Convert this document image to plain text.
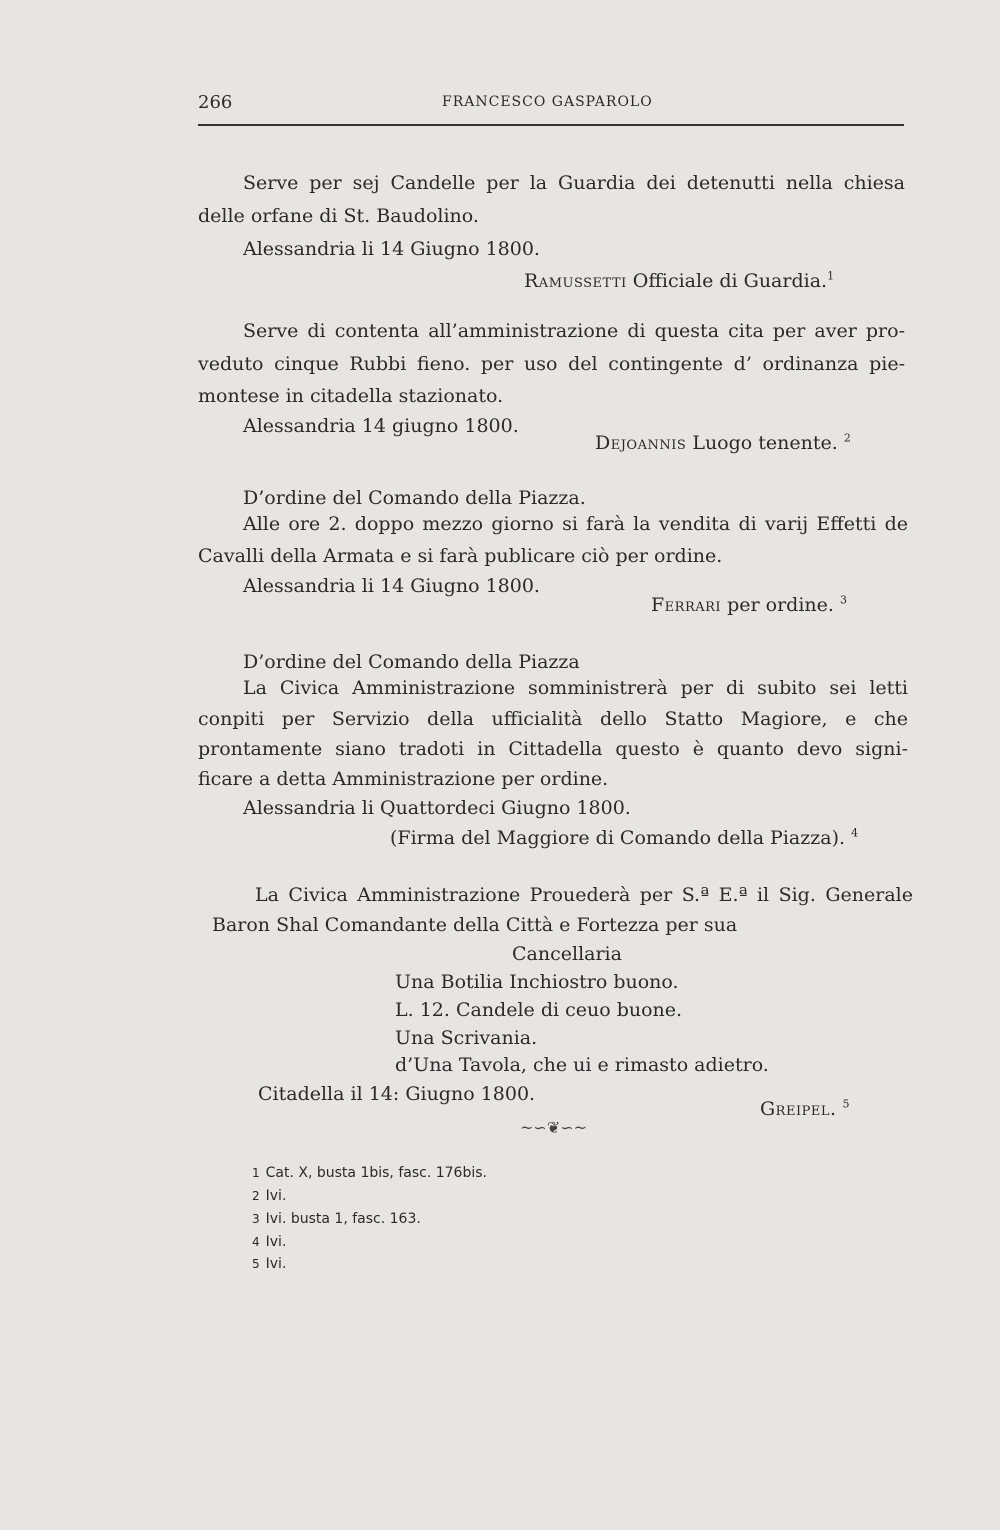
266	FRANCESCO GASPAROLO
Serve per sej Candelle per la Guardia dei detenutti nella chiesa
delle orfane di St. Baudolino.
Alessandria li 14 Giugno 1800.
Ramussetti Officiale di Guardia.$^1$
Serve di contenta all’amministrazione di questa cita per aver pro-
veduto cinque Rubbi fieno. per uso del contingente d’ ordinanza pie-
montese in citadella stazionato.
Alessandria 14 giugno 1800.
Dejoannis Luogo tenente. $^2$
D’ordine del Comando della Piazza.
Alle ore 2. doppo mezzo giorno si farà la vendita di varij Effetti de
Cavalli della Armata e si farà publicare ciò per ordine.
Alessandria li 14 Giugno 1800.
Ferrari per ordine. $^3$
D’ordine del Comando della Piazza
La Civica Amministrazione somministrerà per di subito sei letti
conpiti per Servizio della ufficialità dello Statto Magiore, e che
prontamente siano tradoti in Cittadella questo è quanto devo signi-
ficare a detta Amministrazione per ordine.
Alessandria li Quattordeci Giugno 1800.
(Firma del Maggiore di Comando della Piazza). $^4$
La Civica Amministrazione Prouederà per S.ª E.ª il Sig. Generale
Baron Shal Comandante della Città e Fortezza per sua
Cancellaria
Una Botilia Inchiostro buono.
L. 12. Candele di ceuo buone.
Una Scrivania.
d’Una Tavola, che ui e rimasto adietro.
Citadella il 14: Giugno 1800.
Greipel. $^5$
~∽❦∽~
1 Cat. X, busta 1bis, fasc. 176bis.
2 Ivi.
3 Ivi. busta 1, fasc. 163.
4 Ivi.
5 Ivi.
